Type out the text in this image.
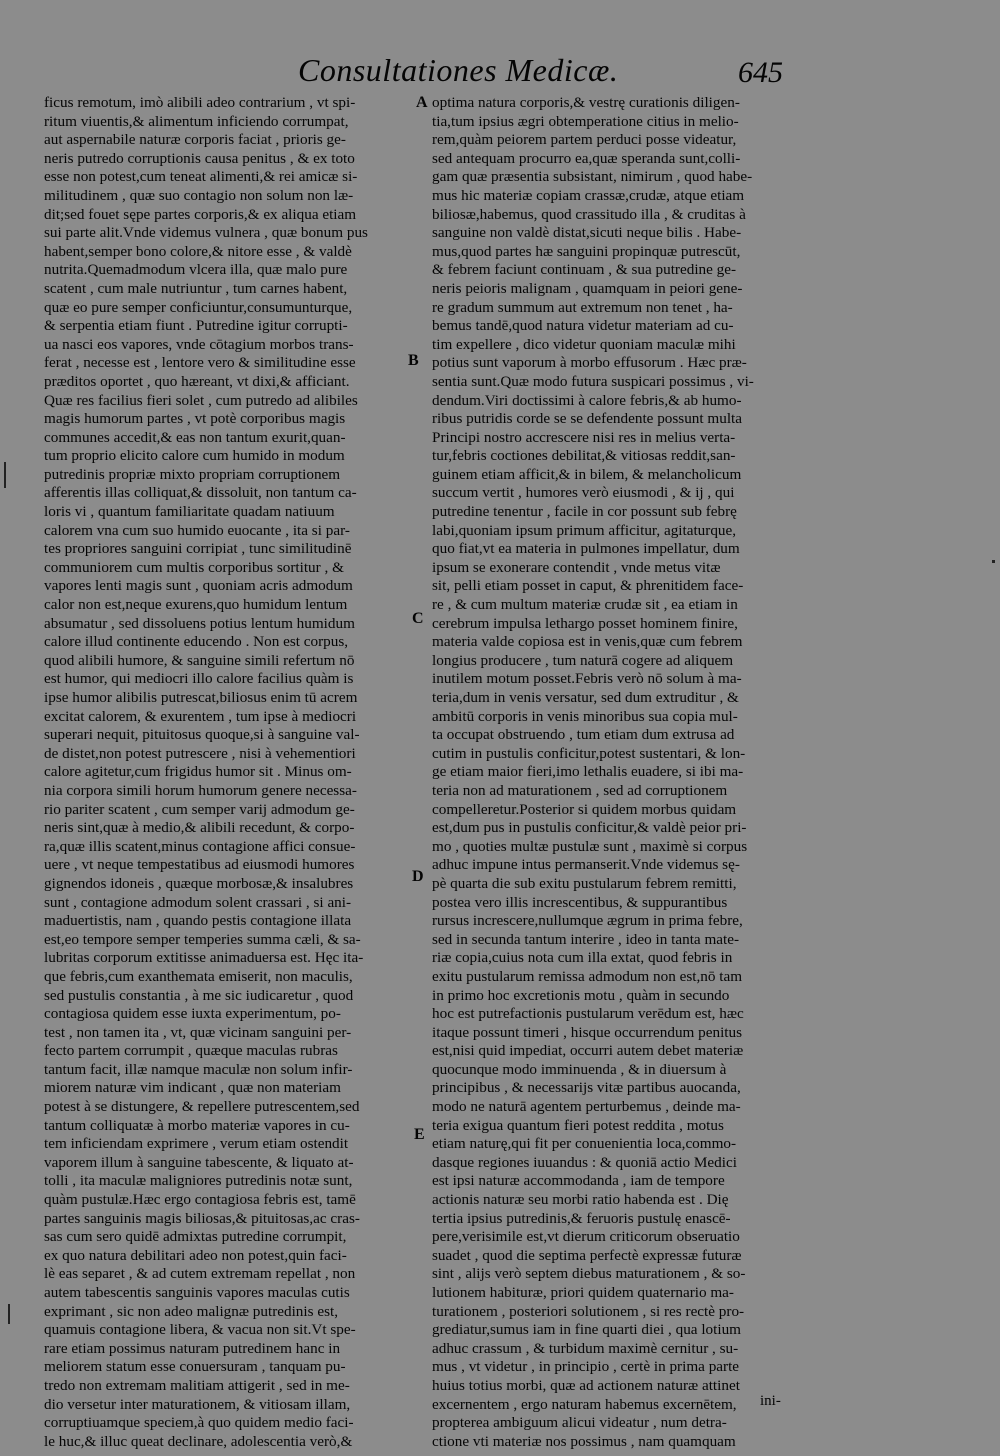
Consultationes Medicæ.	645
ficus remotum, imò alibili adeo contrarium , vt spi-
ritum viuentis,& alimentum inficiendo corrumpat,
aut aspernabile naturæ corporis faciat , prioris ge-
neris putredo corruptionis causa penitus , & ex toto
esse non potest,cum teneat alimenti,& rei amicæ si-
militudinem , quæ suo contagio non solum non læ-
dit;sed fouet sępe partes corporis,& ex aliqua etiam
sui parte alit.Vnde videmus vulnera , quæ bonum pus
habent,semper bono colore,& nitore esse , & valdè
nutrita.Quemadmodum vlcera illa, quæ malo pure
scatent , cum male nutriuntur , tum carnes habent,
quæ eo pure semper conficiuntur,consumunturque,
& serpentia etiam fiunt . Putredine igitur corrupti-
ua nasci eos vapores, vnde cōtagium morbos trans-
ferat , necesse est , lentore vero & similitudine esse
præditos oportet , quo hæreant, vt dixi,& afficiant.
Quæ res facilius fieri solet , cum putredo ad alibiles
magis humorum partes , vt potè corporibus magis
communes accedit,& eas non tantum exurit,quan-
tum proprio elicito calore cum humido in modum
putredinis propriæ mixto propriam corruptionem
afferentis illas colliquat,& dissoluit, non tantum ca-
loris vi , quantum familiaritate quadam natiuum
calorem vna cum suo humido euocante , ita si par-
tes propriores sanguini corripiat , tunc similitudinē
communiorem cum multis corporibus sortitur , &
vapores lenti magis sunt , quoniam acris admodum
calor non est,neque exurens,quo humidum lentum
absumatur , sed dissoluens potius lentum humidum
calore illud continente educendo . Non est corpus,
quod alibili humore, & sanguine simili refertum nō
est humor, qui mediocri illo calore facilius quàm is
ipse humor alibilis putrescat,biliosus enim tū acrem
excitat calorem, & exurentem , tum ipse à mediocri
superari nequit, pituitosus quoque,si à sanguine val-
de distet,non potest putrescere , nisi à vehementiori
calore agitetur,cum frigidus humor sit . Minus om-
nia corpora simili horum humorum genere necessa-
rio pariter scatent , cum semper varij admodum ge-
neris sint,quæ à medio,& alibili recedunt, & corpo-
ra,quæ illis scatent,minus contagione affici consue-
uere , vt neque tempestatibus ad eiusmodi humores
gignendos idoneis , quæque morbosæ,& insalubres
sunt , contagione admodum solent crassari , si ani-
maduertistis, nam , quando pestis contagione illata
est,eo tempore semper temperies summa cæli, & sa-
lubritas corporum extitisse animaduersa est. Hęc ita-
que febris,cum exanthemata emiserit, non maculis,
sed pustulis constantia , à me sic iudicaretur , quod
contagiosa quidem esse iuxta experimentum, po-
test , non tamen ita , vt, quæ vicinam sanguini per-
fecto partem corrumpit , quæque maculas rubras
tantum facit, illæ namque maculæ non solum infir-
miorem naturæ vim indicant , quæ non materiam
potest à se distungere, & repellere putrescentem,sed
tantum colliquatæ à morbo materiæ vapores in cu-
tem inficiendam exprimere , verum etiam ostendit
vaporem illum à sanguine tabescente, & liquato at-
tolli , ita maculæ maligniores putredinis notæ sunt,
quàm pustulæ.Hæc ergo contagiosa febris est, tamē
partes sanguinis magis biliosas,& pituitosas,ac cras-
sas cum sero quidē admixtas putredine corrumpit,
ex quo natura debilitari adeo non potest,quin faci-
lè eas separet , & ad cutem extremam repellat , non
autem tabescentis sanguinis vapores maculas cutis
exprimant , sic non adeo malignæ putredinis est,
quamuis contagione libera, & vacua non sit.Vt spe-
rare etiam possimus naturam putredinem hanc in
meliorem statum esse conuersuram , tanquam pu-
tredo non extremam malitiam attigerit , sed in me-
dio versetur inter maturationem, & vitiosam illam,
corruptiuamque speciem,à quo quidem medio faci-
le huc,& illuc queat declinare, adolescentia verò,&
optima natura corporis,& vestrę curationis diligen-
tia,tum ipsius ægri obtemperatione citius in melio-
rem,quàm peiorem partem perduci posse videatur,
sed antequam procurro ea,quæ speranda sunt,colli-
gam quæ præsentia subsistant, nimirum , quod habe-
mus hic materiæ copiam crassæ,crudæ, atque etiam
biliosæ,habemus, quod crassitudo illa , & cruditas à
sanguine non valdè distat,sicuti neque bilis . Habe-
mus,quod partes hæ sanguini propinquæ putrescūt,
& febrem faciunt continuam , & sua putredine ge-
neris peioris malignam , quamquam in peiori gene-
re gradum summum aut extremum non tenet , ha-
bemus tandē,quod natura videtur materiam ad cu-
tim expellere , dico videtur quoniam maculæ mihi
potius sunt vaporum à morbo effusorum . Hæc præ-
sentia sunt.Quæ modo futura suspicari possimus , vi-
dendum.Viri doctissimi à calore febris,& ab humo-
ribus putridis corde se se defendente possunt multa
Principi nostro accrescere nisi res in melius verta-
tur,febris coctiones debilitat,& vitiosas reddit,san-
guinem etiam afficit,& in bilem, & melancholicum
succum vertit , humores verò eiusmodi , & ij , qui
putredine tenentur , facile in cor possunt sub febrę
labi,quoniam ipsum primum afficitur, agitaturque,
quo fiat,vt ea materia in pulmones impellatur, dum
ipsum se exonerare contendit , vnde metus vitæ
sit, pelli etiam posset in caput, & phrenitidem face-
re , & cum multum materiæ crudæ sit , ea etiam in
cerebrum impulsa lethargo posset hominem finire,
materia valde copiosa est in venis,quæ cum febrem
longius producere , tum naturā cogere ad aliquem
inutilem motum posset.Febris verò nō solum à ma-
teria,dum in venis versatur, sed dum extruditur , &
ambitū corporis in venis minoribus sua copia mul-
ta occupat obstruendo , tum etiam dum extrusa ad
cutim in pustulis conficitur,potest sustentari, & lon-
ge etiam maior fieri,imo lethalis euadere, si ibi ma-
teria non ad maturationem , sed ad corruptionem
compelleretur.Posterior si quidem morbus quidam
est,dum pus in pustulis conficitur,& valdè peior pri-
mo , quoties multæ pustulæ sunt , maximè si corpus
adhuc impune intus permanserit.Vnde videmus sę-
pè quarta die sub exitu pustularum febrem remitti,
postea vero illis increscentibus, & suppurantibus
rursus increscere,nullumque ægrum in prima febre,
sed in secunda tantum interire , ideo in tanta mate-
riæ copia,cuius nota cum illa extat, quod febris in
exitu pustularum remissa admodum non est,nō tam
in primo hoc excretionis motu , quàm in secundo
hoc est putrefactionis pustularum verēdum est, hæc
itaque possunt timeri , hisque occurrendum penitus
est,nisi quid impediat, occurri autem debet materiæ
quocunque modo imminuenda , & in diuersum à
principibus , & necessarijs vitæ partibus auocanda,
modo ne naturā agentem perturbemus , deinde ma-
teria exigua quantum fieri potest reddita , motus
etiam naturę,qui fit per conuenientia loca,commo-
dasque regiones iuuandus : & quoniā actio Medici
est ipsi naturæ accommodanda , iam de tempore
actionis naturæ seu morbi ratio habenda est . Dię
tertia ipsius putredinis,& feruoris pustulę enascē-
pere,verisimile est,vt dierum criticorum obseruatio
suadet , quod die septima perfectè expressæ futuræ
sint , alijs verò septem diebus maturationem , & so-
lutionem habituræ, priori quidem quaternario ma-
turationem , posteriori solutionem , si res rectè pro-
grediatur,sumus iam in fine quarti diei , qua lotium
adhuc crassum , & turbidum maximè cernitur , su-
mus , vt videtur , in principio , certè in prima parte
huius totius morbi, quæ ad actionem naturæ attinet
excernentem , ergo naturam habemus excernētem,
propterea ambiguum alicui videatur , num detra-
ctione vti materiæ nos possimus , nam quamquam
A
B
C
D
E
ini-
